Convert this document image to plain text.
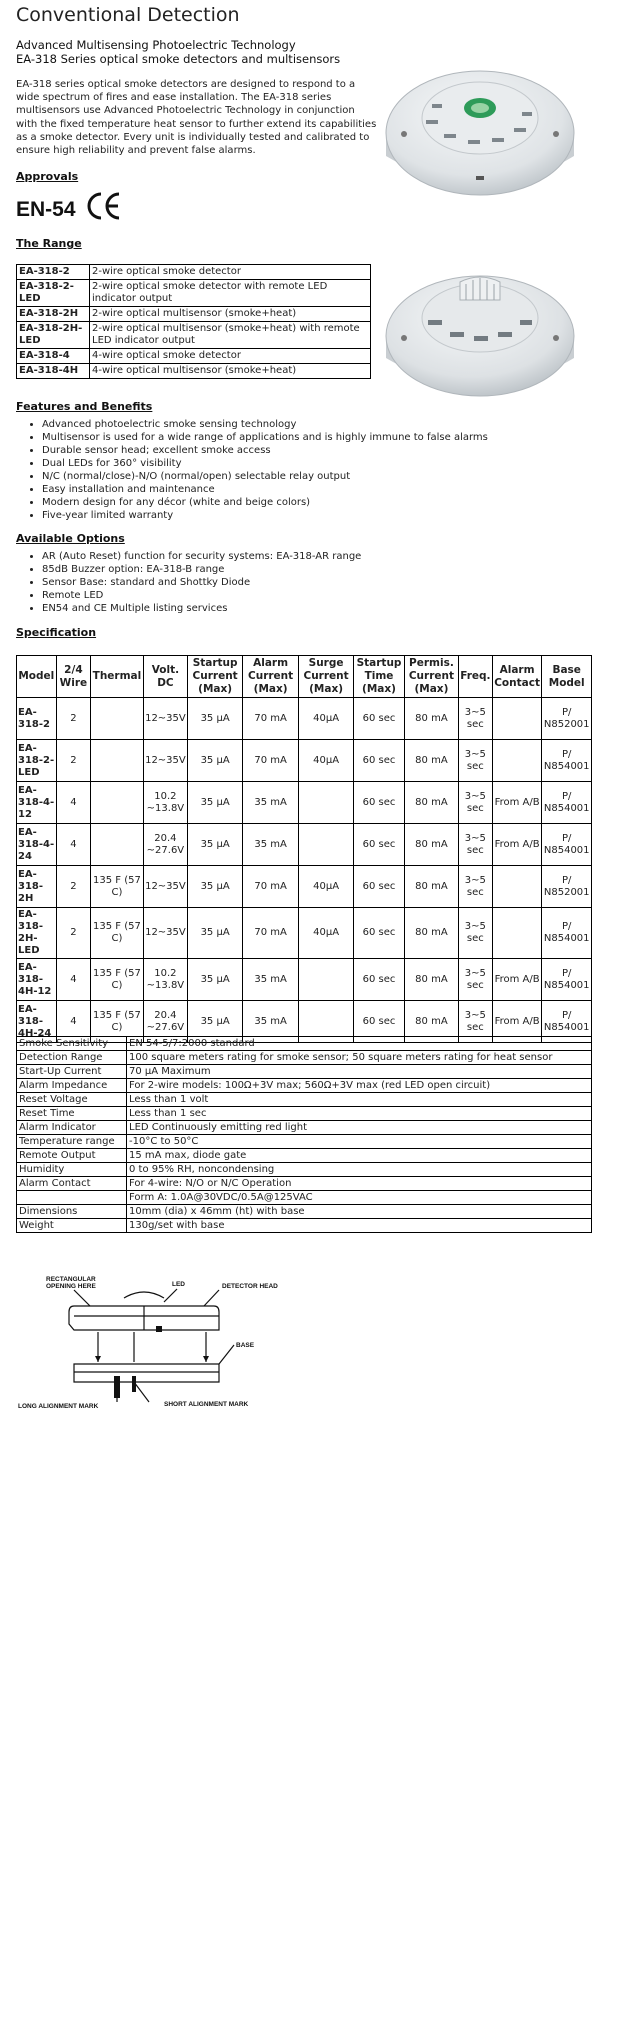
Conventional Detection
Advanced Multisensing Photoelectric Technology
EA-318 Series optical smoke detectors and multisensors
EA-318 series optical smoke detectors are designed to respond to a wide spectrum of fires and ease installation. The EA-318 series multisensors use Advanced Photoelectric Technology in conjunction with the fixed temperature heat sensor to further extend its capabilities as a smoke detector. Every unit is individually tested and calibrated to ensure high reliability and prevent false alarms.
Approvals
EN-54
The Range
EA-318-2	2-wire optical smoke detector
EA-318-2-LED	2-wire optical smoke detector with remote LED indicator output
EA-318-2H	2-wire optical multisensor (smoke+heat)
EA-318-2H-LED	2-wire optical multisensor (smoke+heat) with remote LED indicator output
EA-318-4	4-wire optical smoke detector
EA-318-4H	4-wire optical multisensor (smoke+heat)
Features and Benefits
• Advanced photoelectric smoke sensing technology
• Multisensor is used for a wide range of applications and is highly immune to false alarms
• Durable sensor head; excellent smoke access
• Dual LEDs for 360° visibility
• N/C (normal/close)-N/O (normal/open) selectable relay output
• Easy installation and maintenance
• Modern design for any décor (white and beige colors)
• Five-year limited warranty
Available Options
• AR (Auto Reset) function for security systems: EA-318-AR range
• 85dB Buzzer option: EA-318-B range
• Sensor Base: standard and Shottky Diode
• Remote LED
• EN54 and CE Multiple listing services
Specification
Model	2/4 Wire	Thermal	Volt. DC	Startup Current (Max)	Alarm Current (Max)	Surge Current (Max)	Startup Time (Max)	Permis. Current (Max)	Freq.	Alarm Contact	Base Model
EA-318-2	2		12~35V	35 μA	70 mA	40μA	60 sec	80 mA	3~5 sec		P/ N852001
EA-318-2-LED	2		12~35V	35 μA	70 mA	40μA	60 sec	80 mA	3~5 sec		P/ N854001
EA-318-4-12	4		10.2 ~13.8V	35 μA	35 mA		60 sec	80 mA	3~5 sec	From A/B	P/ N854001
EA-318-4-24	4		20.4 ~27.6V	35 μA	35 mA		60 sec	80 mA	3~5 sec	From A/B	P/ N854001
EA-318-2H	2	135 F (57 C)	12~35V	35 μA	70 mA	40μA	60 sec	80 mA	3~5 sec		P/ N852001
EA-318-2H-LED	2	135 F (57 C)	12~35V	35 μA	70 mA	40μA	60 sec	80 mA	3~5 sec		P/ N854001
EA-318-4H-12	4	135 F (57 C)	10.2 ~13.8V	35 μA	35 mA		60 sec	80 mA	3~5 sec	From A/B	P/ N854001
EA-318-4H-24	4	135 F (57 C)	20.4 ~27.6V	35 μA	35 mA		60 sec	80 mA	3~5 sec	From A/B	P/ N854001
Smoke Sensitivity	EN 54-5/7:2000 standard
Detection Range	100 square meters rating for smoke sensor; 50 square meters rating for heat sensor
Start-Up Current	70 μA Maximum
Alarm Impedance	For 2-wire models: 100Ω+3V max; 560Ω+3V max (red LED open circuit)
Reset Voltage	Less than 1 volt
Reset Time	Less than 1 sec
Alarm Indicator	LED Continuously emitting red light
Temperature range	-10°C to 50°C
Remote Output	15 mA max, diode gate
Humidity	0 to 95% RH, noncondensing
Alarm Contact	For 4-wire: N/O or N/C Operation
	Form A: 1.0A@30VDC/0.5A@125VAC
Dimensions	10mm (dia) x 46mm (ht) with base
Weight	130g/set with base
RECTANGULAR
OPENING HERE	LED	DETECTOR HEAD
BASE
LONG ALIGNMENT MARK	SHORT ALIGNMENT MARK
